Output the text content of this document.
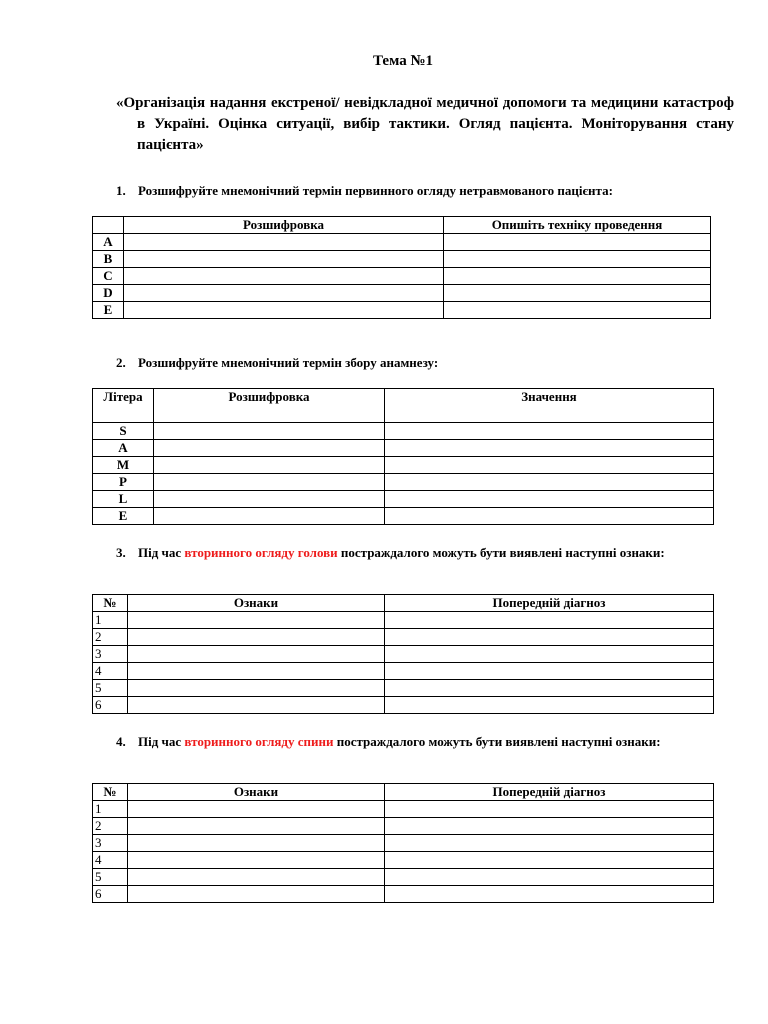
Тема №1
«Організація надання екстреної/ невідкладної медичної допомоги та медицини катастроф в Україні. Оцінка ситуації, вибір тактики. Огляд пацієнта. Моніторування стану пацієнта»
1. Розшифруйте мнемонічний термін первинного огляду нетравмованого пацієнта:
	Розшифровка	Опишіть техніку проведення
A		
B		
C		
D		
E		
2. Розшифруйте мнемонічний термін збору анамнезу:
Літера	Розшифровка	Значення
S		
A		
M		
P		
L		
E		
3. Під час вторинного огляду голови постраждалого можуть бути виявлені наступні ознаки:
№	Ознаки	Попередній діагноз
1		
2		
3		
4		
5		
6		
4. Під час вторинного огляду спини постраждалого можуть бути виявлені наступні ознаки:
№	Ознаки	Попередній діагноз
1		
2		
3		
4		
5		
6		
